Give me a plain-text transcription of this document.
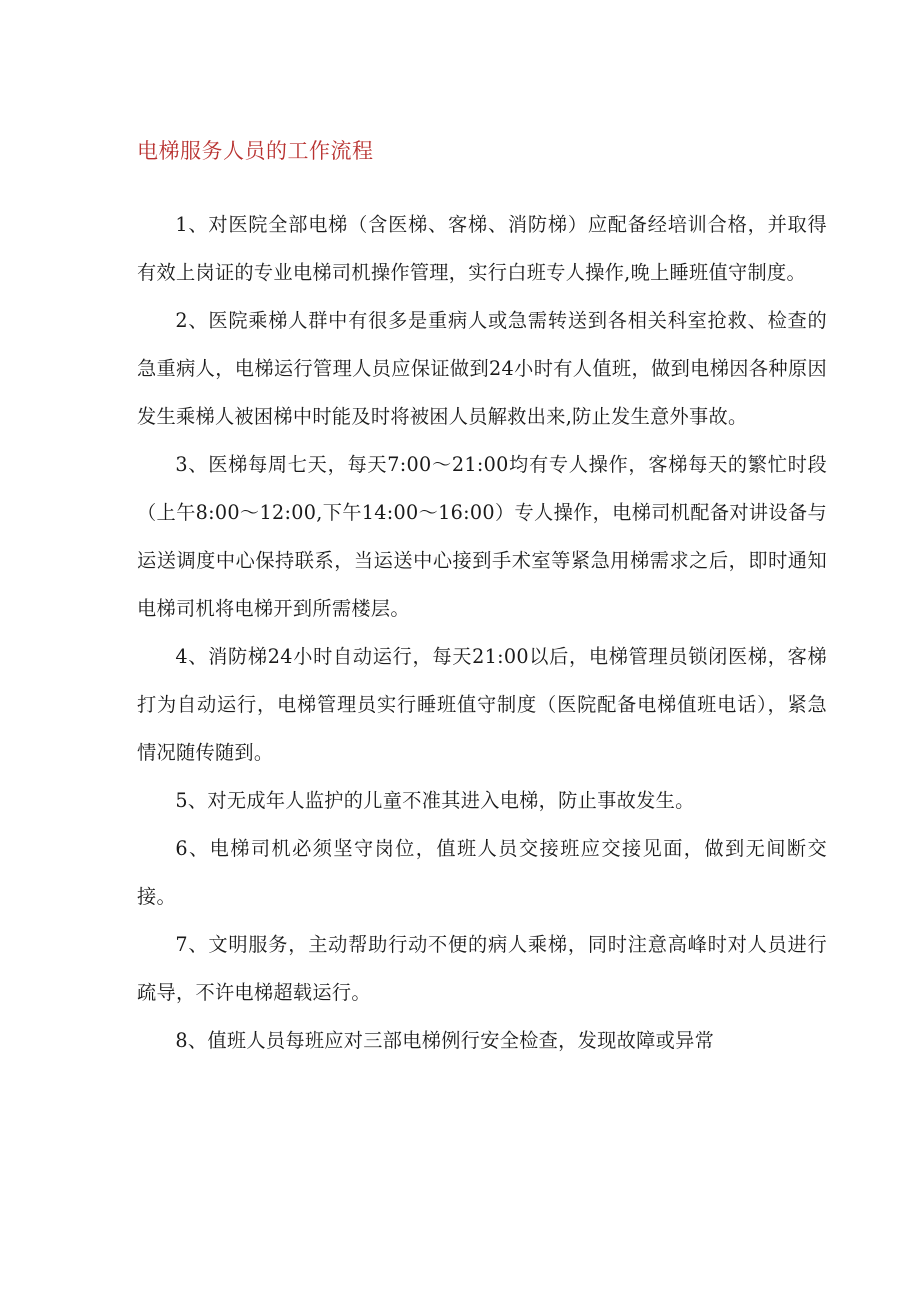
电梯服务人员的工作流程

1、对医院全部电梯（含医梯、客梯、消防梯）应配备经培训合格，并取得有效上岗证的专业电梯司机操作管理，实行白班专人操作,晚上睡班值守制度。

2、医院乘梯人群中有很多是重病人或急需转送到各相关科室抢救、检查的急重病人，电梯运行管理人员应保证做到24小时有人值班，做到电梯因各种原因发生乘梯人被困梯中时能及时将被困人员解救出来,防止发生意外事故。

3、医梯每周七天，每天7:00～21:00均有专人操作，客梯每天的繁忙时段（上午8:00～12:00,下午14:00～16:00）专人操作，电梯司机配备对讲设备与运送调度中心保持联系，当运送中心接到手术室等紧急用梯需求之后，即时通知电梯司机将电梯开到所需楼层。

4、消防梯24小时自动运行，每天21:00以后，电梯管理员锁闭医梯，客梯打为自动运行，电梯管理员实行睡班值守制度（医院配备电梯值班电话），紧急情况随传随到。

5、对无成年人监护的儿童不准其进入电梯，防止事故发生。

6、电梯司机必须坚守岗位，值班人员交接班应交接见面，做到无间断交接。

7、文明服务，主动帮助行动不便的病人乘梯，同时注意高峰时对人员进行疏导，不许电梯超载运行。

8、值班人员每班应对三部电梯例行安全检查，发现故障或异常
